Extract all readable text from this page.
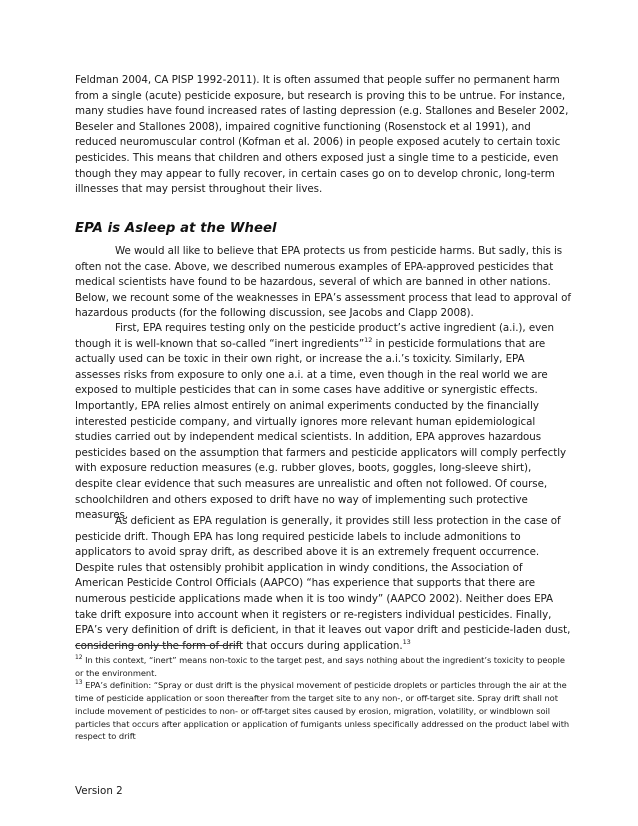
Feldman 2004, CA PISP 1992-2011). It is often assumed that people suffer no permanent harm from a single (acute) pesticide exposure, but research is proving this to be untrue. For instance, many studies have found increased rates of lasting depression (e.g. Stallones and Beseler 2002, Beseler and Stallones 2008), impaired cognitive functioning (Rosenstock et al 1991), and reduced neuromuscular control (Kofman et al. 2006) in people exposed acutely to certain toxic pesticides. This means that children and others exposed just a single time to a pesticide, even though they may appear to fully recover, in certain cases go on to develop chronic, long-term illnesses that may persist throughout their lives.

EPA is Asleep at the Wheel

We would all like to believe that EPA protects us from pesticide harms. But sadly, this is often not the case. Above, we described numerous examples of EPA-approved pesticides that medical scientists have found to be hazardous, several of which are banned in other nations. Below, we recount some of the weaknesses in EPA’s assessment process that lead to approval of hazardous products (for the following discussion, see Jacobs and Clapp 2008).

First, EPA requires testing only on the pesticide product’s active ingredient (a.i.), even though it is well-known that so-called “inert ingredients”$^{12}$ in pesticide formulations that are actually used can be toxic in their own right, or increase the a.i.’s toxicity. Similarly, EPA assesses risks from exposure to only one a.i. at a time, even though in the real world we are exposed to multiple pesticides that can in some cases have additive or synergistic effects. Importantly, EPA relies almost entirely on animal experiments conducted by the financially interested pesticide company, and virtually ignores more relevant human epidemiological studies carried out by independent medical scientists. In addition, EPA approves hazardous pesticides based on the assumption that farmers and pesticide applicators will comply perfectly with exposure reduction measures (e.g. rubber gloves, boots, goggles, long-sleeve shirt), despite clear evidence that such measures are unrealistic and often not followed. Of course, schoolchildren and others exposed to drift have no way of implementing such protective measures.

As deficient as EPA regulation is generally, it provides still less protection in the case of pesticide drift. Though EPA has long required pesticide labels to include admonitions to applicators to avoid spray drift, as described above it is an extremely frequent occurrence. Despite rules that ostensibly prohibit application in windy conditions, the Association of American Pesticide Control Officials (AAPCO) “has experience that supports that there are numerous pesticide applications made when it is too windy” (AAPCO 2002). Neither does EPA take drift exposure into account when it registers or re-registers individual pesticides. Finally, EPA’s very definition of drift is deficient, in that it leaves out vapor drift and pesticide-laden dust, considering only the form of drift that occurs during application.$^{13}$

$^{12}$ In this context, “inert” means non-toxic to the target pest, and says nothing about the ingredient’s toxicity to people or the environment.

$^{13}$ EPA’s definition: “Spray or dust drift is the physical movement of pesticide droplets or particles through the air at the time of pesticide application or soon thereafter from the target site to any non-, or off-target site. Spray drift shall not include movement of pesticides to non- or off-target sites caused by erosion, migration, volatility, or windblown soil particles that occurs after application or application of fumigants unless specifically addressed on the product label with respect to drift

Version 2
